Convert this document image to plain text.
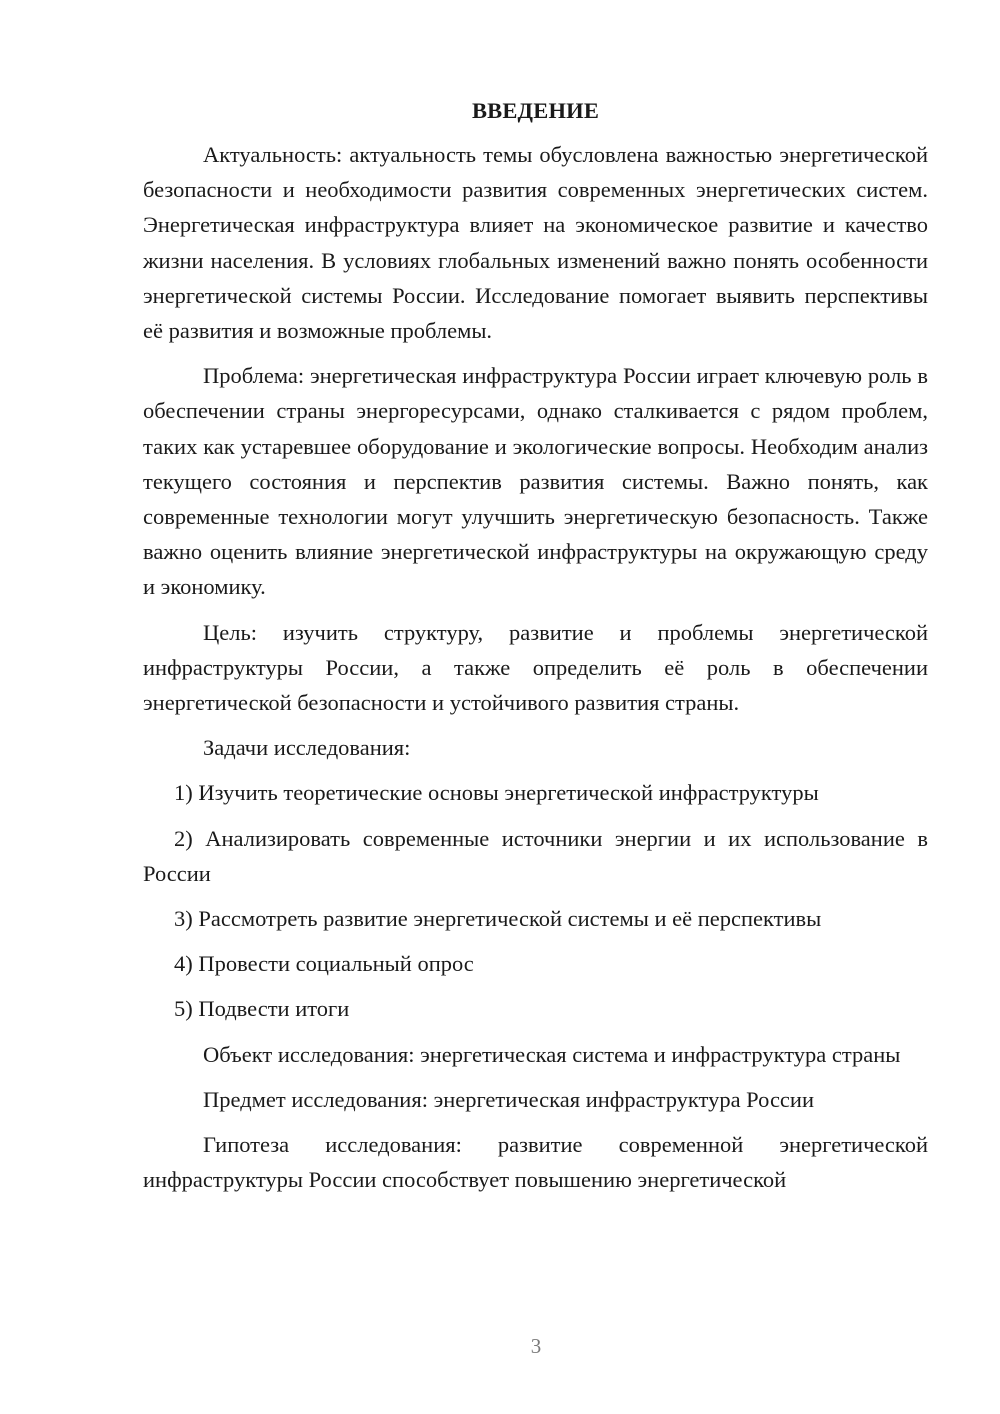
ВВЕДЕНИЕ

Актуальность: актуальность темы обусловлена важностью энергетической безопасности и необходимости развития современных энергетических систем. Энергетическая инфраструктура влияет на экономическое развитие и качество жизни населения. В условиях глобальных изменений важно понять особенности энергетической системы России. Исследование помогает выявить перспективы её развития и возможные проблемы.

Проблема: энергетическая инфраструктура России играет ключевую роль в обеспечении страны энергоресурсами, однако сталкивается с рядом проблем, таких как устаревшее оборудование и экологические вопросы. Необходим анализ текущего состояния и перспектив развития системы. Важно понять, как современные технологии могут улучшить энергетическую безопасность. Также важно оценить влияние энергетической инфраструктуры на окружающую среду и экономику.

Цель: изучить структуру, развитие и проблемы энергетической инфраструктуры России, а также определить её роль в обеспечении энергетической безопасности и устойчивого развития страны.

Задачи исследования:

1) Изучить теоретические основы энергетической инфраструктуры

2) Анализировать современные источники энергии и их использование в России

3) Рассмотреть развитие энергетической системы и её перспективы

4) Провести социальный опрос

5) Подвести итоги

Объект исследования: энергетическая система и инфраструктура страны

Предмет исследования: энергетическая инфраструктура России

Гипотеза исследования: развитие современной энергетической инфраструктуры России способствует повышению энергетической

3
